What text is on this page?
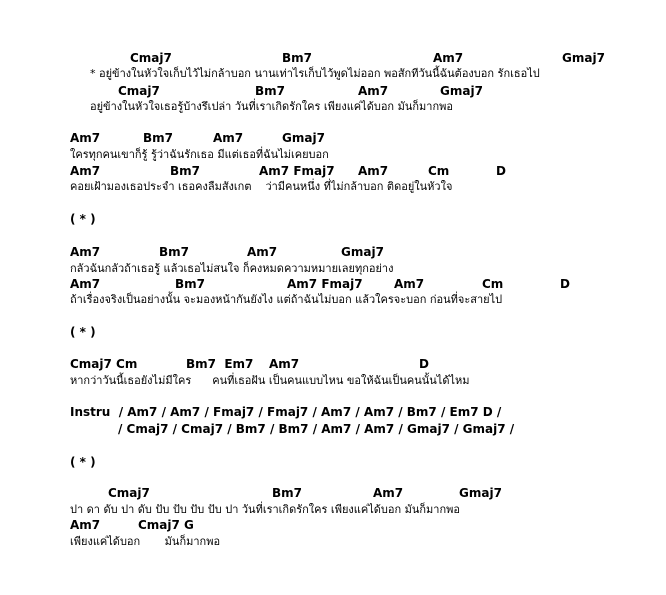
Cmaj7

	Bm7

	Am7

	Gmaj7

* อยู่ข้างในหัวใจเก็บไว้ไม่กล้าบอก นานเท่าไรเก็บไว้พูดไม่ออก พอสักทีวันนี้ฉันต้องบอก รักเธอไป

Cmaj7

	Bm7

	Am7

	Gmaj7

อยู่ข้างในหัวใจเธอรู้บ้างรึเปล่า วันที่เราเกิดรักใคร เพียงแค่ได้บอก มันก็มากพอ

Am7

	Bm7

	Am7

	Gmaj7

ใครทุกคนเขาก็รู้ รู้ว่าฉันรักเธอ มีแต่เธอที่ฉันไม่เคยบอก

Am7

	Bm7

	Am7 Fmaj7

Am7

	Cm

	D

คอยเฝ้ามองเธอประจำ เธอคงลืมสังเกต    ว่ามีคนหนึ่ง ที่ไม่กล้าบอก ติดอยู่ในหัวใจ
( * )

Am7

	Bm7

	Am7

	Gmaj7

กลัวฉันกลัวถ้าเธอรู้ แล้วเธอไม่สนใจ ก็คงหมดความหมายเลยทุกอย่าง

Am7

	Bm7

	Am7 Fmaj7

	Am7

	Cm

	D

ถ้าเรื่องจริงเป็นอย่างนั้น จะมองหน้ากันยังไง แต่ถ้าฉันไม่บอก แล้วใครจะบอก ก่อนที่จะสายไป
( * )

Cmaj7 Cm

	Bm7  Em7

Am7

	D

หากว่าวันนี้เธอยังไม่มีใคร      คนที่เธอฝัน เป็นคนแบบไหน ขอให้ฉันเป็นคนนั้นได้ไหม
Instru  / Am7 / Am7 / Fmaj7 / Fmaj7 / Am7 / Am7 / Bm7 / Em7 D /
/ Cmaj7 / Cmaj7 / Bm7 / Bm7 / Am7 / Am7 / Gmaj7 / Gmaj7 /
( * )

Cmaj7

	Bm7

	Am7

	Gmaj7

ปา ดา ดับ ปา ดับ ปับ ปับ ปับ ปับ ปา วันที่เราเกิดรักใคร เพียงแค่ได้บอก มันก็มากพอ

Am7

	Cmaj7 G

เพียงแค่ได้บอก       มันก็มากพอ
